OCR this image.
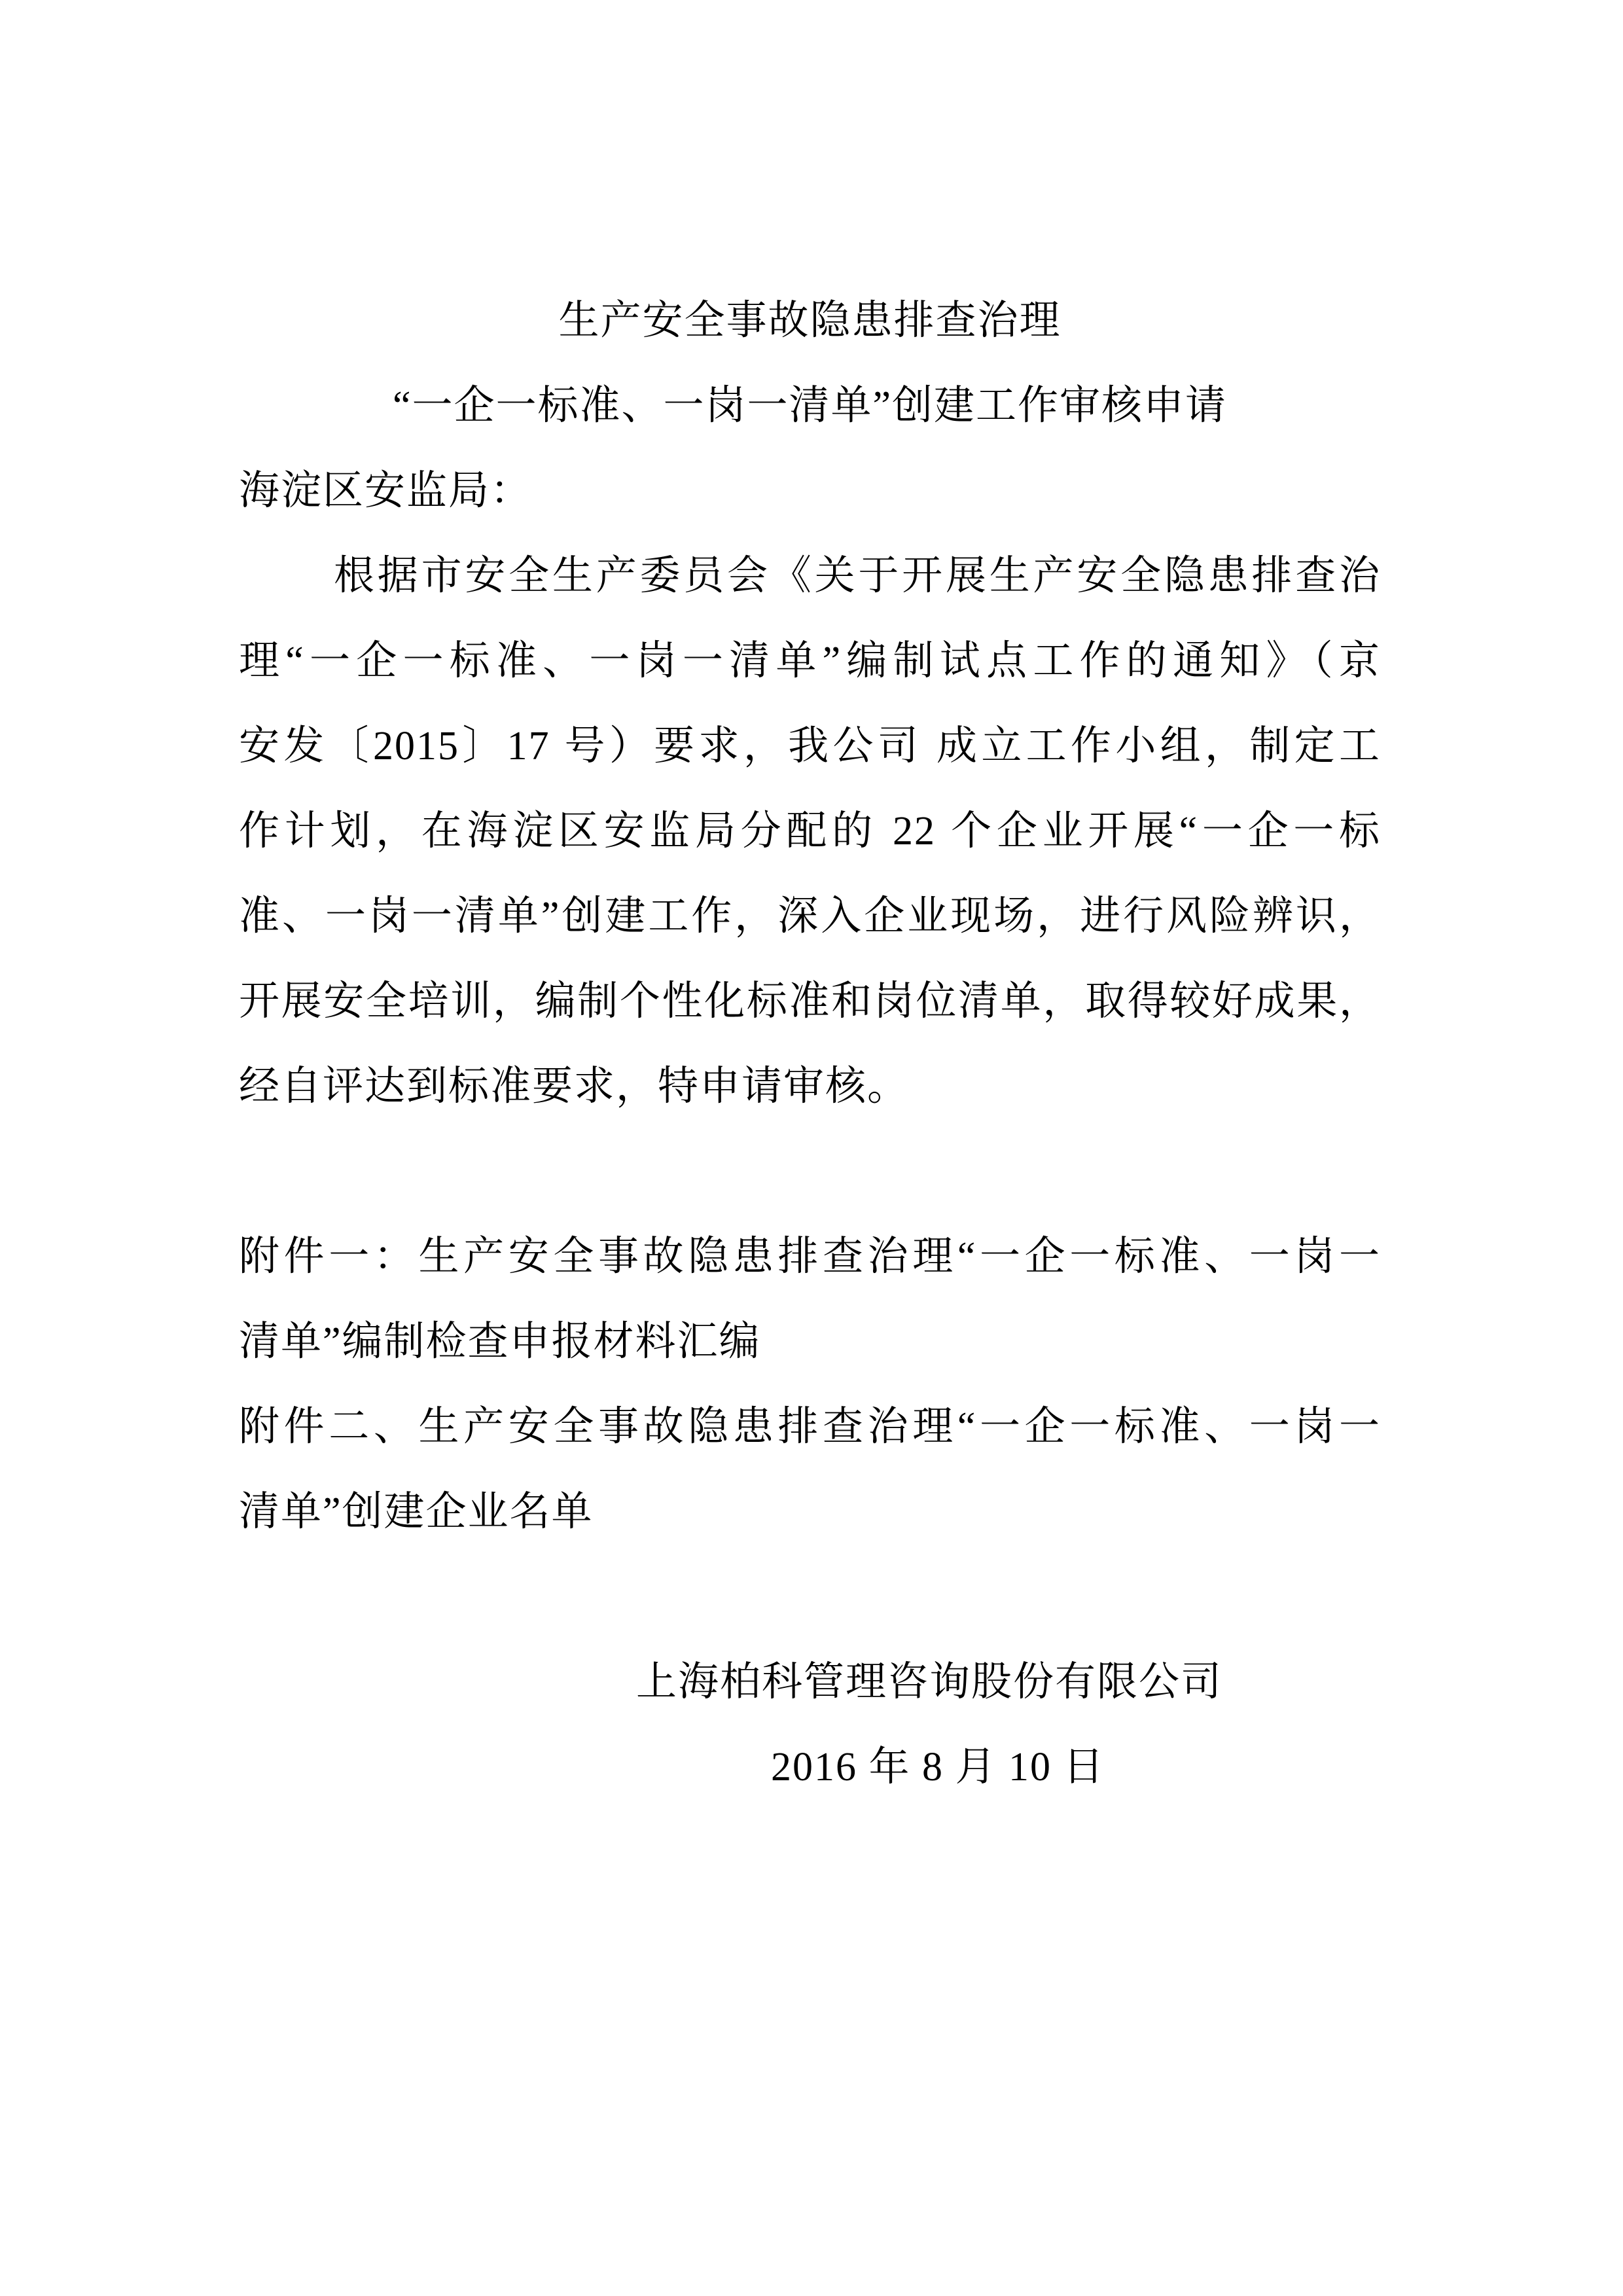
生产安全事故隐患排查治理
“一企一标准、一岗一清单”创建工作审核申请
海淀区安监局：
根据市安全生产委员会《关于开展生产安全隐患排查治
理“一企一标准、一岗一清单”编制试点工作的通知》（京
安发〔2015〕17 号）要求，我公司 成立工作小组，制定工
作计划，在海淀区安监局分配的 22 个企业开展“一企一标
准、一岗一清单”创建工作，深入企业现场，进行风险辨识，
开展安全培训，编制个性化标准和岗位清单，取得较好成果，
经自评达到标准要求，特申请审核。
附件一：生产安全事故隐患排查治理“一企一标准、一岗一
清单”编制检查申报材料汇编
附件二、生产安全事故隐患排查治理“一企一标准、一岗一
清单”创建企业名单
上海柏科管理咨询股份有限公司
2016 年 8 月 10 日
